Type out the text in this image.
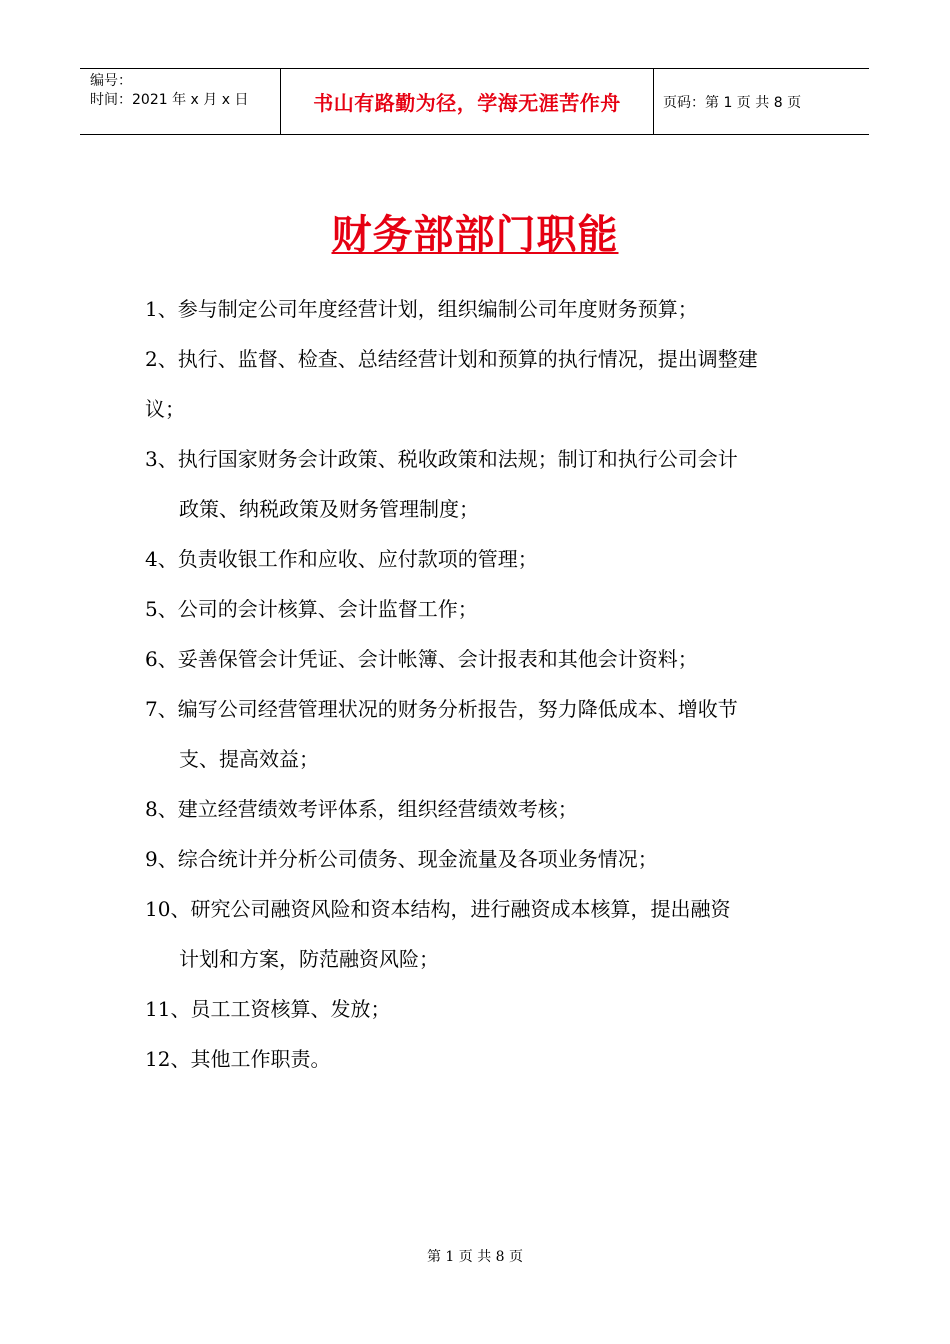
编号：
时间：2021 年 x 月 x 日	书山有路勤为径，学海无涯苦作舟	页码：第 1 页 共 8 页
财务部部门职能
1、参与制定公司年度经营计划，组织编制公司年度财务预算；
2、执行、监督、检查、总结经营计划和预算的执行情况，提出调整建
议；
3、执行国家财务会计政策、税收政策和法规；制订和执行公司会计
政策、纳税政策及财务管理制度；
4、负责收银工作和应收、应付款项的管理；
5、公司的会计核算、会计监督工作；
6、妥善保管会计凭证、会计帐簿、会计报表和其他会计资料；
7、编写公司经营管理状况的财务分析报告，努力降低成本、增收节
支、提高效益；
8、建立经营绩效考评体系，组织经营绩效考核；
9、综合统计并分析公司债务、现金流量及各项业务情况；
10、研究公司融资风险和资本结构，进行融资成本核算，提出融资
计划和方案，防范融资风险；
11、员工工资核算、发放；
12、其他工作职责。
第 1 页 共 8 页
